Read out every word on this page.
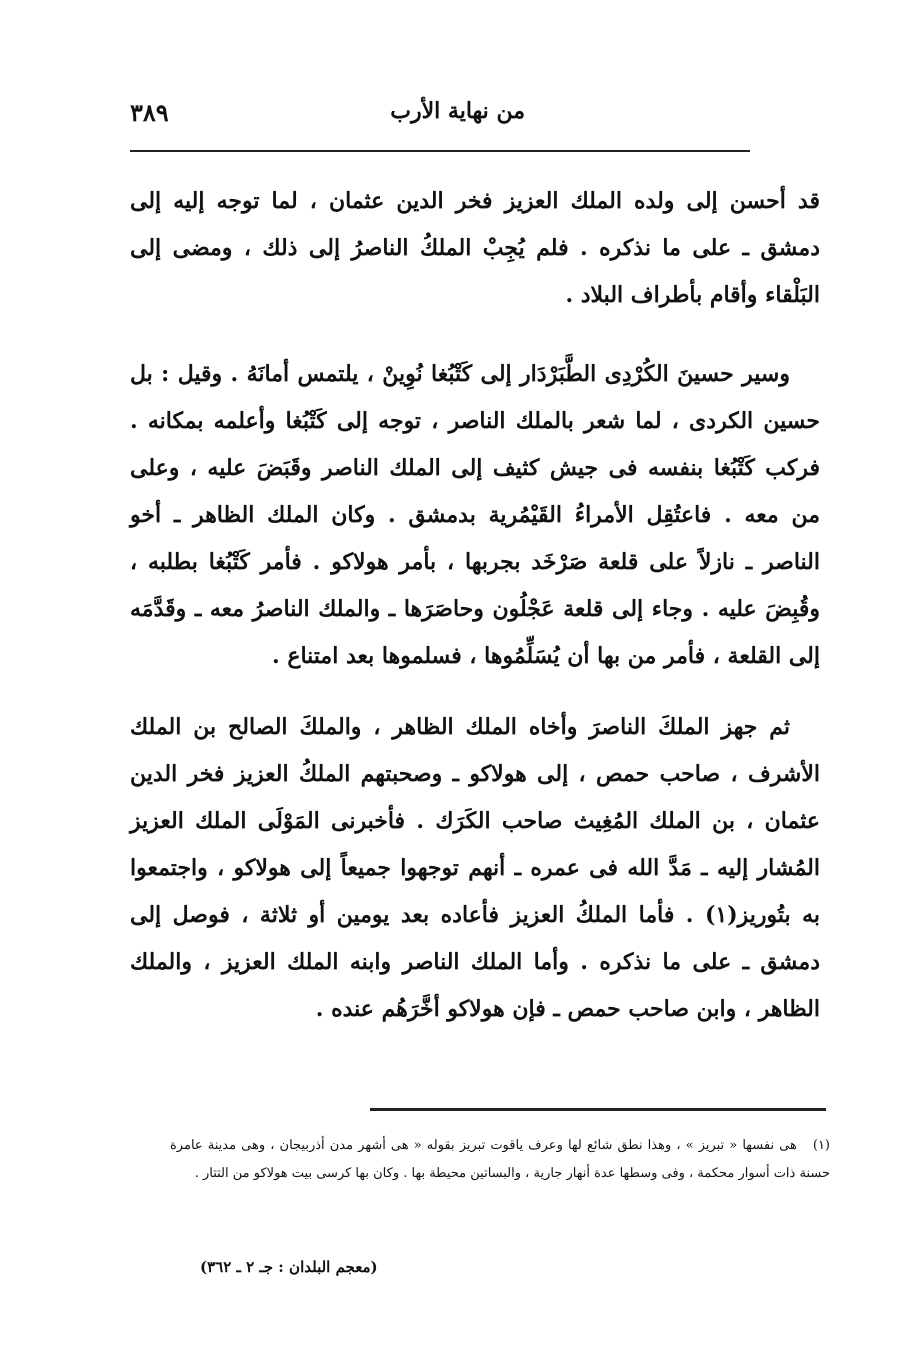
من نهاية الأرب
٣٨٩

قد أحسن إلى ولده الملك العزيز فخر الدين عثمان ، لما توجه إليه إلى دمشق ـ على ما نذكره . فلم يُجِبْ الملكُ الناصرُ إلى ذلك ، ومضى إلى البَلْقاء وأقام بأطراف البلاد .

وسير حسينَ الكُرْدِى الطَّبَرْدَار إلى كَتْبُغا نُوِينْ ، يلتمس أمانَهُ . وقيل : بل حسين الكردى ، لما شعر بالملك الناصر ، توجه إلى كَتْبُغا وأعلمه بمكانه . فركب كَتْبُغا بنفسه فى جيش كثيف إلى الملك الناصر وقَبَضَ عليه ، وعلى من معه . فاعتُقِل الأمراءُ القَيْمُرية بدمشق . وكان الملك الظاهر ـ أخو الناصر ـ نازلاً على قلعة صَرْخَد بجربها ، بأمر هولاكو . فأمر كَتْبُغا بطلبه ، وقُبِضَ عليه . وجاء إلى قلعة عَجْلُون وحاصَرَها ـ والملك الناصرُ معه ـ وقَدَّمَه إلى القلعة ، فأمر من بها أن يُسَلِّمُوها ، فسلموها بعد امتناع .

ثم جهز الملكَ الناصرَ وأخاه الملك الظاهر ، والملكَ الصالح بن الملك الأشرف ، صاحب حمص ، إلى هولاكو ـ وصحبتهم الملكُ العزيز فخر الدين عثمان ، بن الملك المُغِيث صاحب الكَرَك . فأخبرنى المَوْلَى الملك العزيز المُشار إليه ـ مَدَّ الله فى عمره ـ أنهم توجهوا جميعاً إلى هولاكو ، واجتمعوا به بتُوريز(١) . فأما الملكُ العزيز فأعاده بعد يومين أو ثلاثة ، فوصل إلى دمشق ـ على ما نذكره . وأما الملك الناصر وابنه الملك العزيز ، والملك الظاهر ، وابن صاحب حمص ـ فإن هولاكو أخَّرَهُم عنده .

(١)هى نفسها « تبريز » ، وهذا نطق شائع لها وعرف ياقوت تبريز بقوله « هى أشهر مدن أذربيجان ، وهى مدينة عامرة حسنة ذات أسوار محكمة ، وفى وسطها عدة أنهار جارية ، والبساتين محيطة بها . وكان بها كرسى بيت هولاكو من التتار .
(معجم البلدان : جـ ٢ ـ ٣٦٢)
